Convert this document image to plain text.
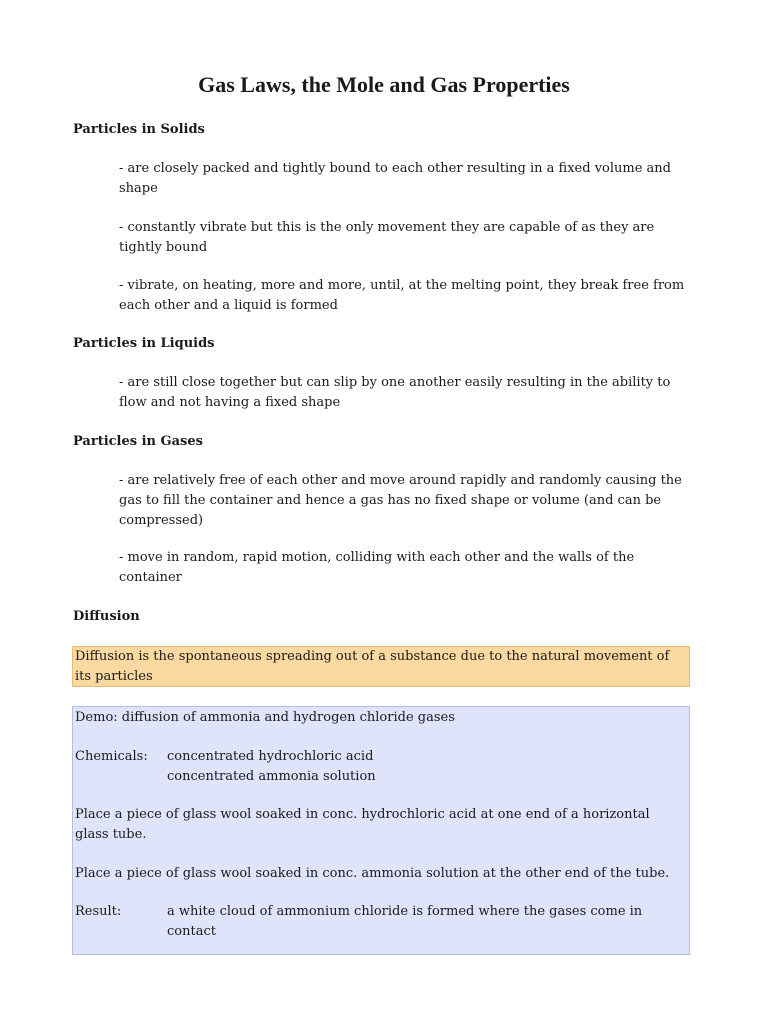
Gas Laws, the Mole and Gas Properties
Particles in Solids
- are closely packed and tightly bound to each other resulting in a fixed volume and shape
- constantly vibrate but this is the only movement they are capable of as they are tightly bound
- vibrate, on heating, more and more, until, at the melting point, they break free from each other and a liquid is formed
Particles in Liquids
- are still close together but can slip by one another easily resulting in the ability to flow and not having a fixed shape
Particles in Gases
- are relatively free of each other and move around rapidly and randomly causing the gas to fill the container and hence a gas has no fixed shape or volume (and can be compressed)
- move in random, rapid motion, colliding with each other and the walls of the container
Diffusion
Diffusion is the spontaneous spreading out of a substance due to the natural movement of its particles
Demo: diffusion of ammonia and hydrogen chloride gases
Chemicals:	concentrated hydrochloric acid
concentrated ammonia solution
Place a piece of glass wool soaked in conc. hydrochloric acid at one end of a horizontal glass tube.
Place a piece of glass wool soaked in conc. ammonia solution at the other end of the tube.
Result:	a white cloud of ammonium chloride is formed where the gases come in contact
